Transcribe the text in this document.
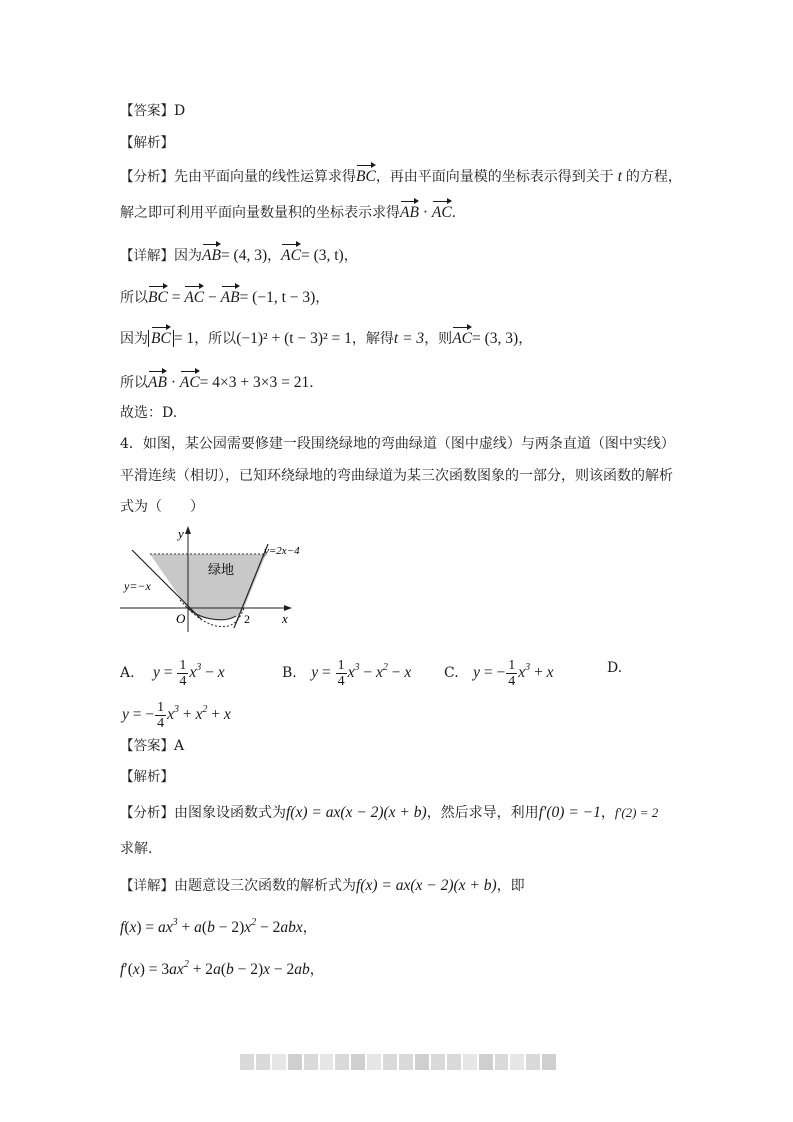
【答案】D
【解析】
【分析】先由平面向量的线性运算求得BC，再由平面向量模的坐标表示得到关于 t 的方程，
解之即可利用平面向量数量积的坐标表示求得AB · AC.
【详解】因为AB= (4, 3)，AC= (3, t)，
所以BC = AC − AB= (−1, t − 3)，
因为 BC = 1，所以(−1)² + (t − 3)² = 1，解得t = 3，则AC= (3, 3)，
所以AB · AC= 4×3 + 3×3 = 21.
故选：D.
4．如图，某公园需要修建一段围绕绿地的弯曲绿道（图中虚线）与两条直道（图中实线）
平滑连续（相切），已知环绕绿地的弯曲绿道为某三次函数图象的一部分，则该函数的解析
式为（　　）
y
x
O	2
y=−x
y=2x−4
绿地
A. $y = \frac{1}{4} x^3 - x$	B. $y = \frac{1}{4} x^3 - x^2 - x$ C. y = − $\frac{1}{4} x^3 + x$	D.
y = − $\frac{1}{4} x^3 + x^2 + x$
【答案】A
【解析】
【分析】由图象设函数式为f(x) = ax(x − 2)(x + b)，然后求导，利用f′(0) = −1，f′(2) = 2
求解.
【详解】由题意设三次函数的解析式为f(x) = ax(x − 2)(x + b)，即
$f(x) = ax^3 + a(b - 2)x^2 - 2abx$，
$f'(x) = 3ax^2 + 2a(b - 2)x - 2ab$，
